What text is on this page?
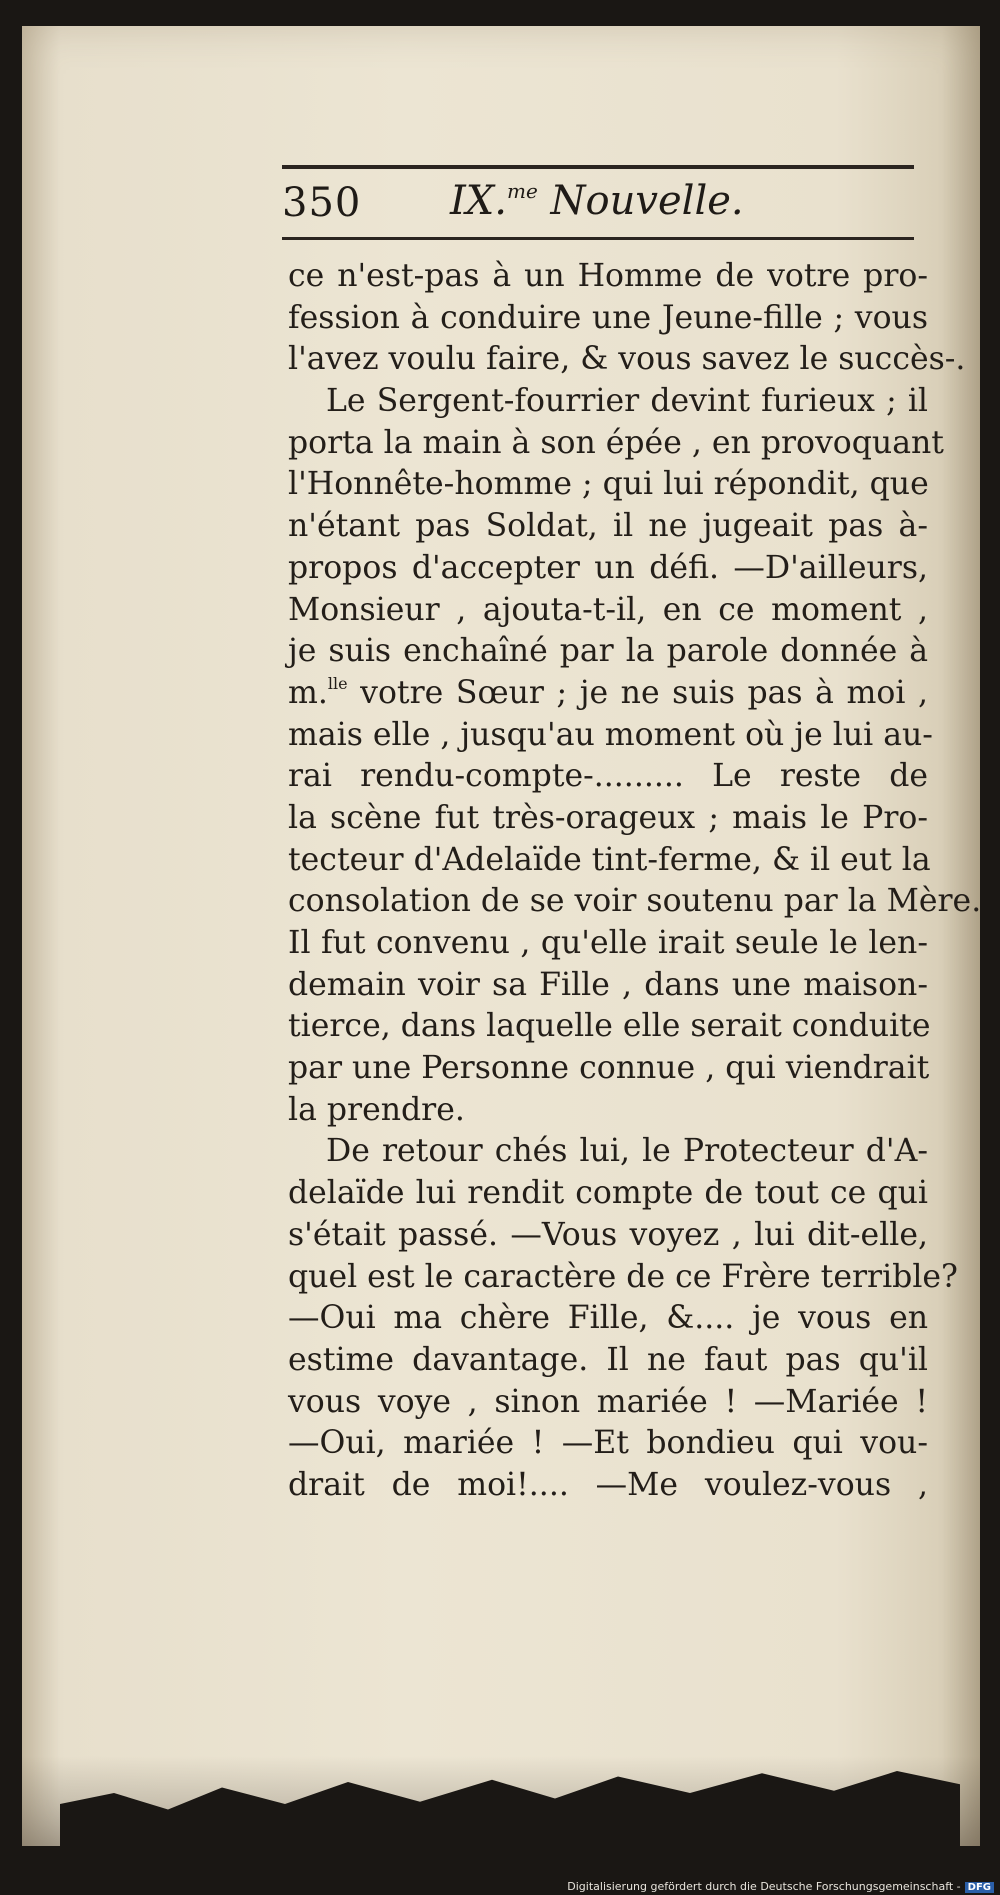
350 IX.$^{me}$ Nouvelle.
ce n'est-pas à un Homme de votre pro-
fession à conduire une Jeune-fille ; vous
l'avez voulu faire, & vous savez le succès-.
Le Sergent-fourrier devint furieux ; il
porta la main à son épée , en provoquant
l'Honnête-homme ; qui lui répondit, que
n'étant pas Soldat, il ne jugeait pas à-
propos d'accepter un défi. —D'ailleurs,
Monsieur , ajouta-t-il, en ce moment ,
je suis enchaîné par la parole donnée à
m.$^{lle}$ votre Sœur ; je ne suis pas à moi ,
mais elle , jusqu'au moment où je lui au-
rai rendu-compte-......... Le reste de
la scène fut très-orageux ; mais le Pro-
tecteur d'Adelaïde tint-ferme, & il eut la
consolation de se voir soutenu par la Mère.
Il fut convenu , qu'elle irait seule le len-
demain voir sa Fille , dans une maison-
tierce, dans laquelle elle serait conduite
par une Personne connue , qui viendrait
la prendre.
De retour chés lui, le Protecteur d'A-
delaïde lui rendit compte de tout ce qui
s'était passé. —Vous voyez , lui dit-elle,
quel est le caractère de ce Frère terrible?
—Oui ma chère Fille, &.... je vous en
estime davantage. Il ne faut pas qu'il
vous voye , sinon mariée ! —Mariée !
—Oui, mariée ! —Et bondieu qui vou-
drait de moi!.... —Me voulez-vous ,
Digitalisierung gefördert durch die Deutsche Forschungsgemeinschaft - DFG
